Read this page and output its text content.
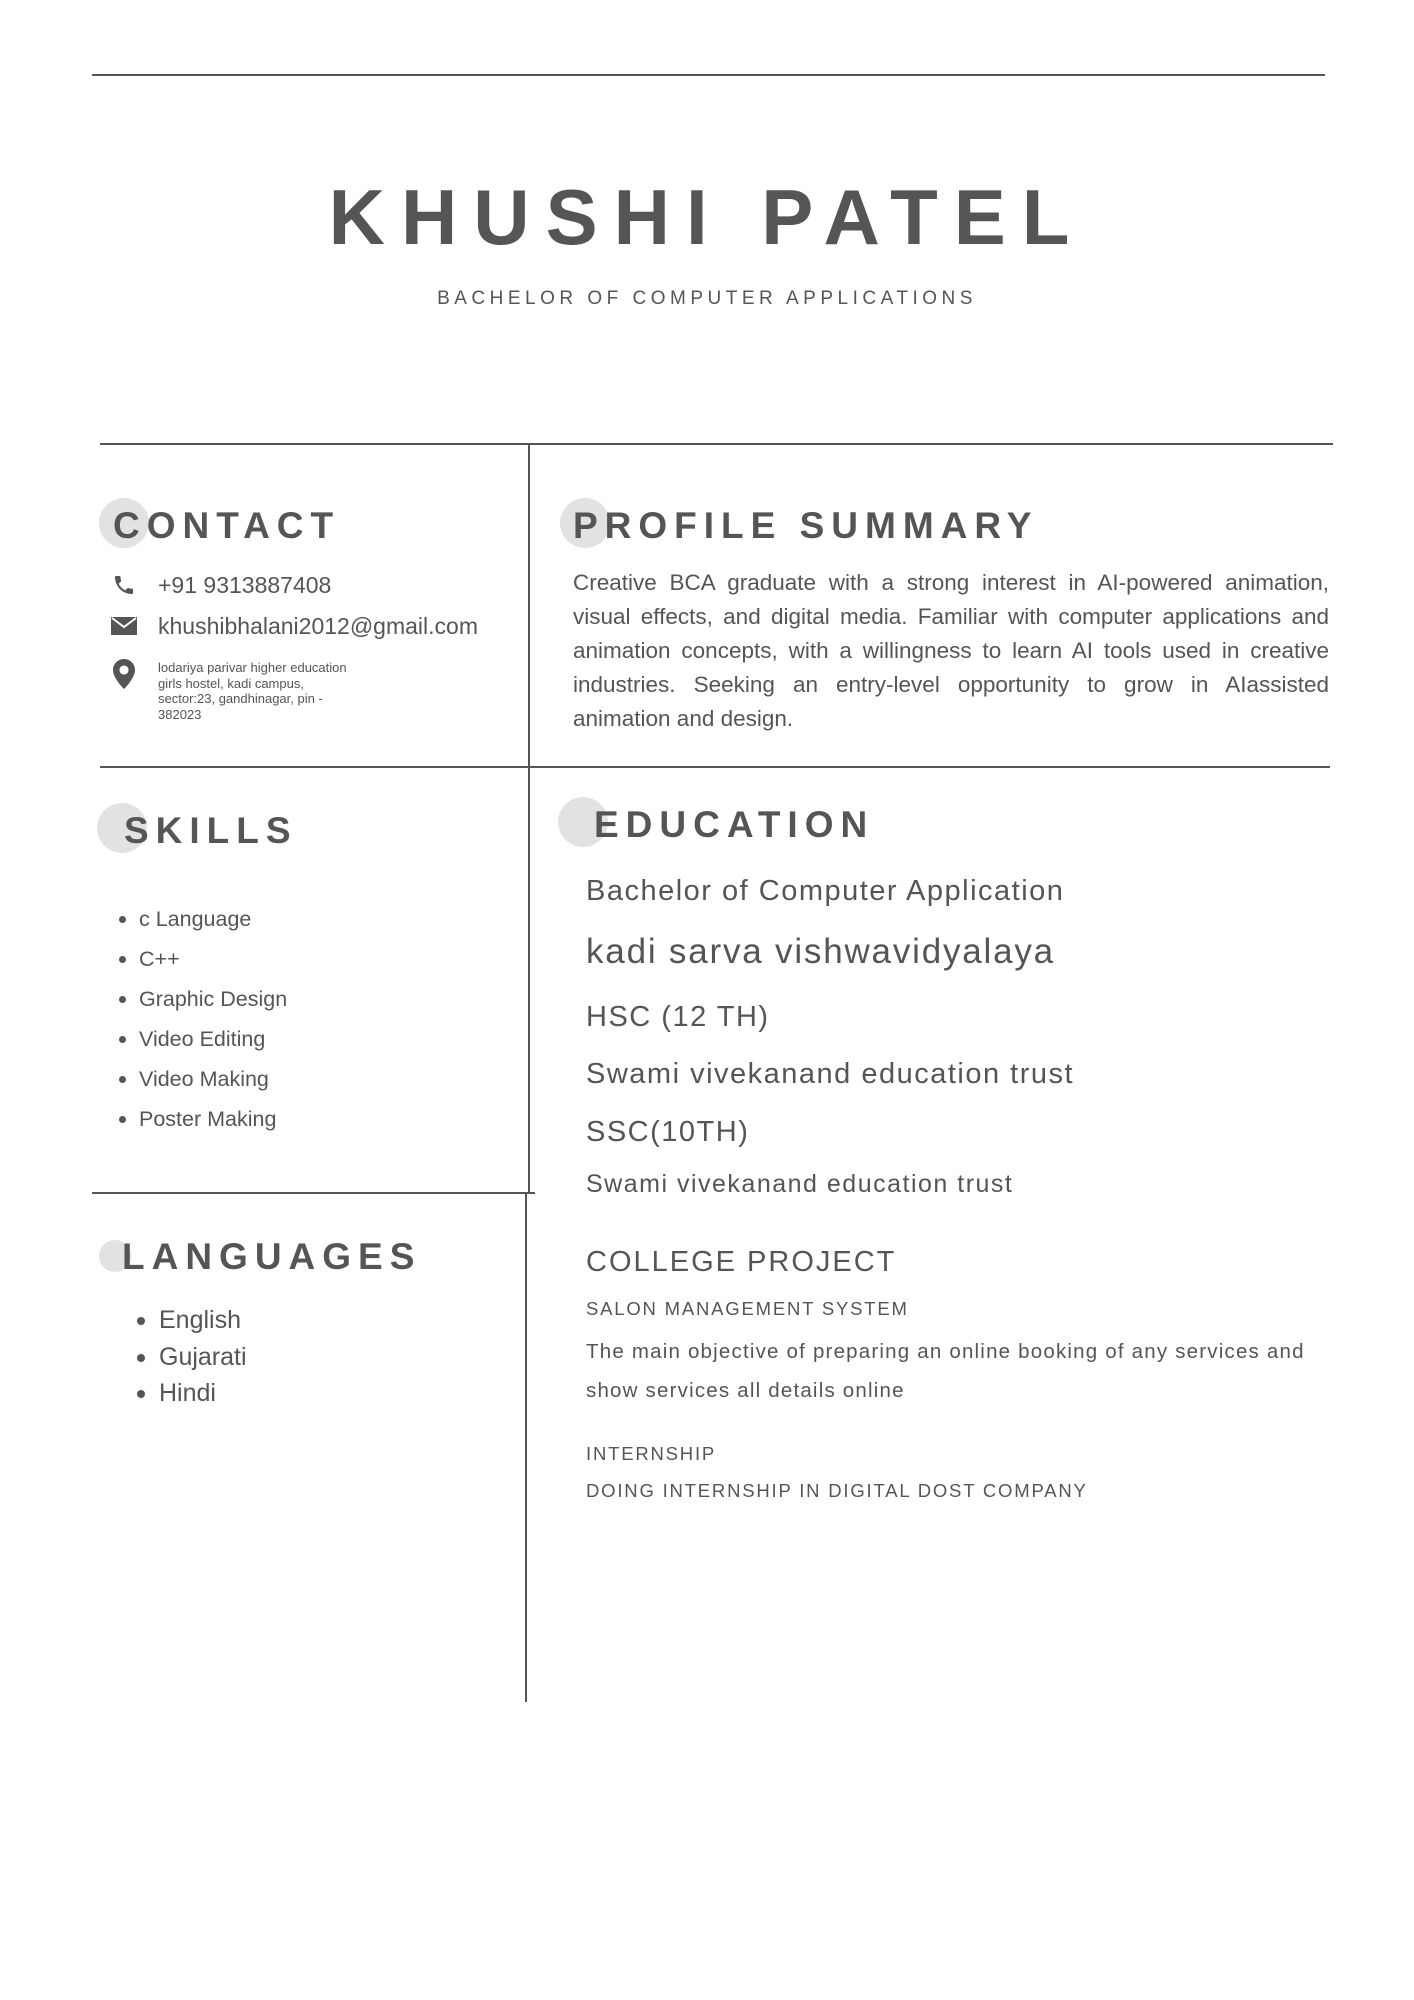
KHUSHI PATEL
BACHELOR OF COMPUTER APPLICATIONS
CONTACT
+91 9313887408
khushibhalani2012@gmail.com
lodariya parivar higher education girls hostel, kadi campus, sector:23, gandhinagar, pin - 382023
PROFILE SUMMARY
Creative BCA graduate with a strong interest in AI-powered animation, visual effects, and digital media. Familiar with computer applications and animation concepts, with a willingness to learn AI tools used in creative industries. Seeking an entry-level opportunity to grow in AIassisted animation and design.
SKILLS
c Language
C++
Graphic Design
Video Editing
Video Making
Poster Making
EDUCATION
Bachelor of Computer Application
kadi sarva vishwavidyalaya
HSC (12 TH)
Swami vivekanand education trust
SSC(10TH)
Swami vivekanand education trust
LANGUAGES
English
Gujarati
Hindi
COLLEGE PROJECT
SALON MANAGEMENT SYSTEM
The main objective of preparing an online booking of any services and show services all details online
INTERNSHIP
DOING INTERNSHIP IN DIGITAL DOST COMPANY
